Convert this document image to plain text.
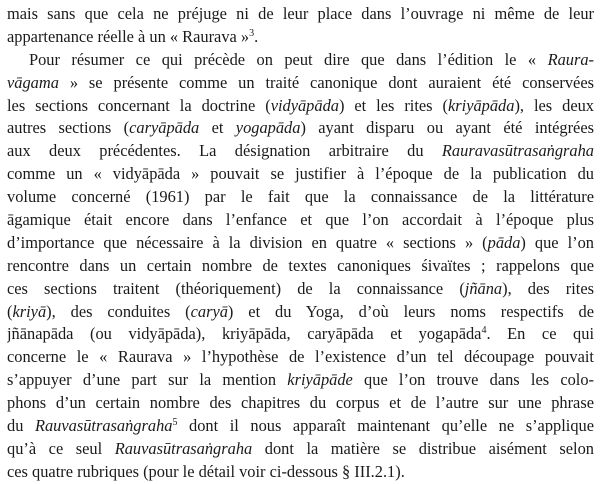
mais sans que cela ne préjuge ni de leur place dans l’ouvrage ni même de leur
appartenance réelle à un « Raurava »$^3$.
Pour résumer ce qui précède on peut dire que dans l’édition le « Raura-
vāgama » se présente comme un traité canonique dont auraient été conservées
les sections concernant la doctrine (vidyāpāda) et les rites (kriyāpāda), les deux
autres sections (caryāpāda et yogapāda) ayant disparu ou ayant été intégrées
aux deux précédentes. La désignation arbitraire du Rauravasūtrasaṅgraha
comme un « vidyāpāda » pouvait se justifier à l’époque de la publication du
volume concerné (1961) par le fait que la connaissance de la littérature
āgamique était encore dans l’enfance et que l’on accordait à l’époque plus
d’importance que nécessaire à la division en quatre « sections » (pāda) que l’on
rencontre dans un certain nombre de textes canoniques śivaïtes ; rappelons que
ces sections traitent (théoriquement) de la connaissance (jñāna), des rites
(kriyā), des conduites (caryā) et du Yoga, d’où leurs noms respectifs de
jñānapāda (ou vidyāpāda), kriyāpāda, caryāpāda et yogapāda$^4$. En ce qui
concerne le « Raurava » l’hypothèse de l’existence d’un tel découpage pouvait
s’appuyer d’une part sur la mention kriyāpāde que l’on trouve dans les colo-
phons d’un certain nombre des chapitres du corpus et de l’autre sur une phrase
du Rauvasūtrasaṅgraha$^5$ dont il nous apparaît maintenant qu’elle ne s’applique
qu’à ce seul Rauvasūtrasaṅgraha dont la matière se distribue aisément selon
ces quatre rubriques (pour le détail voir ci-dessous § III.2.1).
